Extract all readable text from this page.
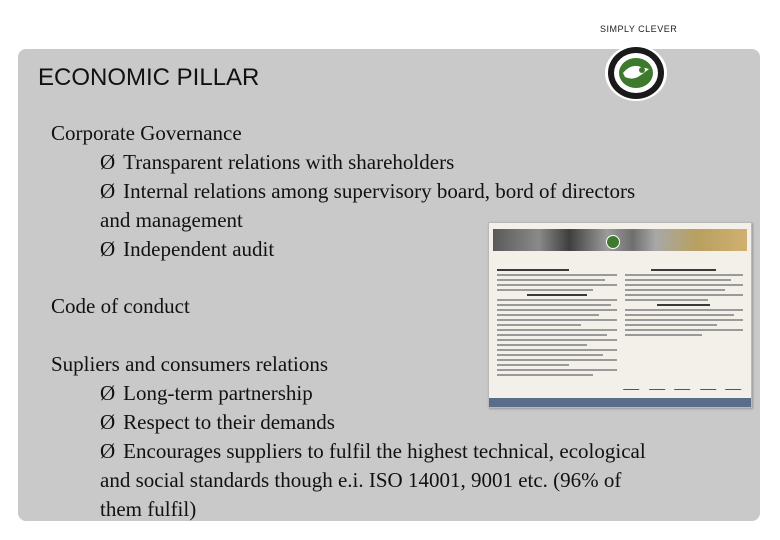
SIMPLY CLEVER
ECONOMIC PILLAR
Corporate Governance
Ø Transparent relations with shareholders
Ø Internal relations among supervisory board, bord of directors
and management
Ø Independent audit
Code of conduct
Supliers and consumers relations
Ø Long-term partnership
Ø Respect to their demands
Ø Encourages suppliers to fulfil the highest technical, ecological
and social standards though e.i. ISO 14001, 9001 etc. (96% of
them fulfil)
